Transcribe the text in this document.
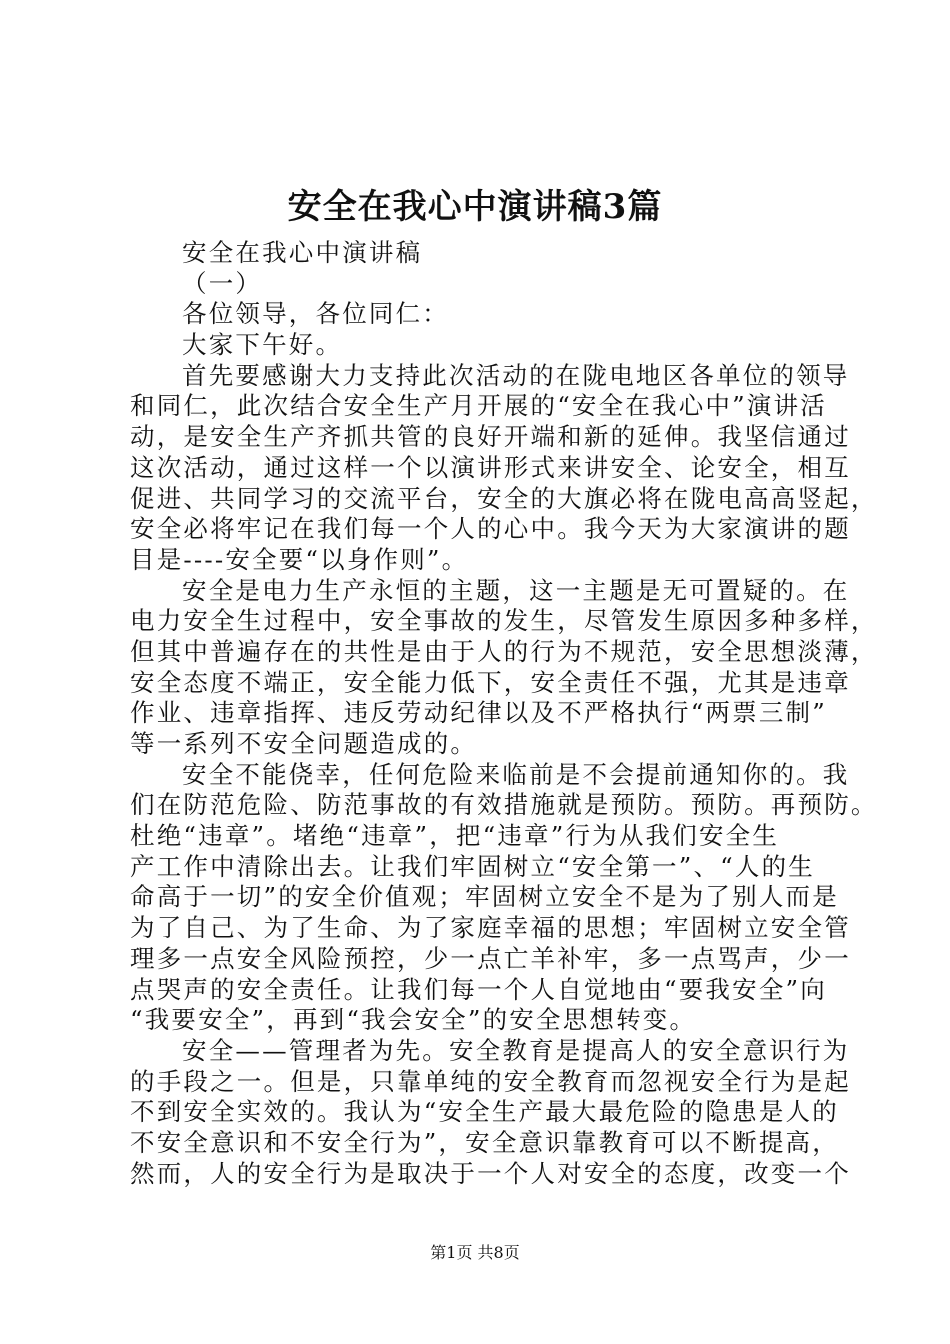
安全在我心中演讲稿3篇
安全在我心中演讲稿
（一）
各位领导，各位同仁：
大家下午好。
首先要感谢大力支持此次活动的在陇电地区各单位的领导
和同仁，此次结合安全生产月开展的“安全在我心中”演讲活
动，是安全生产齐抓共管的良好开端和新的延伸。我坚信通过
这次活动，通过这样一个以演讲形式来讲安全、论安全，相互
促进、共同学习的交流平台，安全的大旗必将在陇电高高竖起，
安全必将牢记在我们每一个人的心中。我今天为大家演讲的题
目是----安全要“以身作则”。
安全是电力生产永恒的主题，这一主题是无可置疑的。在
电力安全生过程中，安全事故的发生，尽管发生原因多种多样，
但其中普遍存在的共性是由于人的行为不规范，安全思想淡薄，
安全态度不端正，安全能力低下，安全责任不强，尤其是违章
作业、违章指挥、违反劳动纪律以及不严格执行“两票三制”
等一系列不安全问题造成的。
安全不能侥幸，任何危险来临前是不会提前通知你的。我
们在防范危险、防范事故的有效措施就是预防。预防。再预防。
杜绝“违章”。堵绝“违章”，把“违章”行为从我们安全生
产工作中清除出去。让我们牢固树立“安全第一”、“人的生
命高于一切”的安全价值观；牢固树立安全不是为了别人而是
为了自己、为了生命、为了家庭幸福的思想；牢固树立安全管
理多一点安全风险预控，少一点亡羊补牢，多一点骂声，少一
点哭声的安全责任。让我们每一个人自觉地由“要我安全”向
“我要安全”，再到“我会安全”的安全思想转变。
安全——管理者为先。安全教育是提高人的安全意识行为
的手段之一。但是，只靠单纯的安全教育而忽视安全行为是起
不到安全实效的。我认为“安全生产最大最危险的隐患是人的
不安全意识和不安全行为”，安全意识靠教育可以不断提高，
然而，人的安全行为是取决于一个人对安全的态度，改变一个
第1页 共8页
